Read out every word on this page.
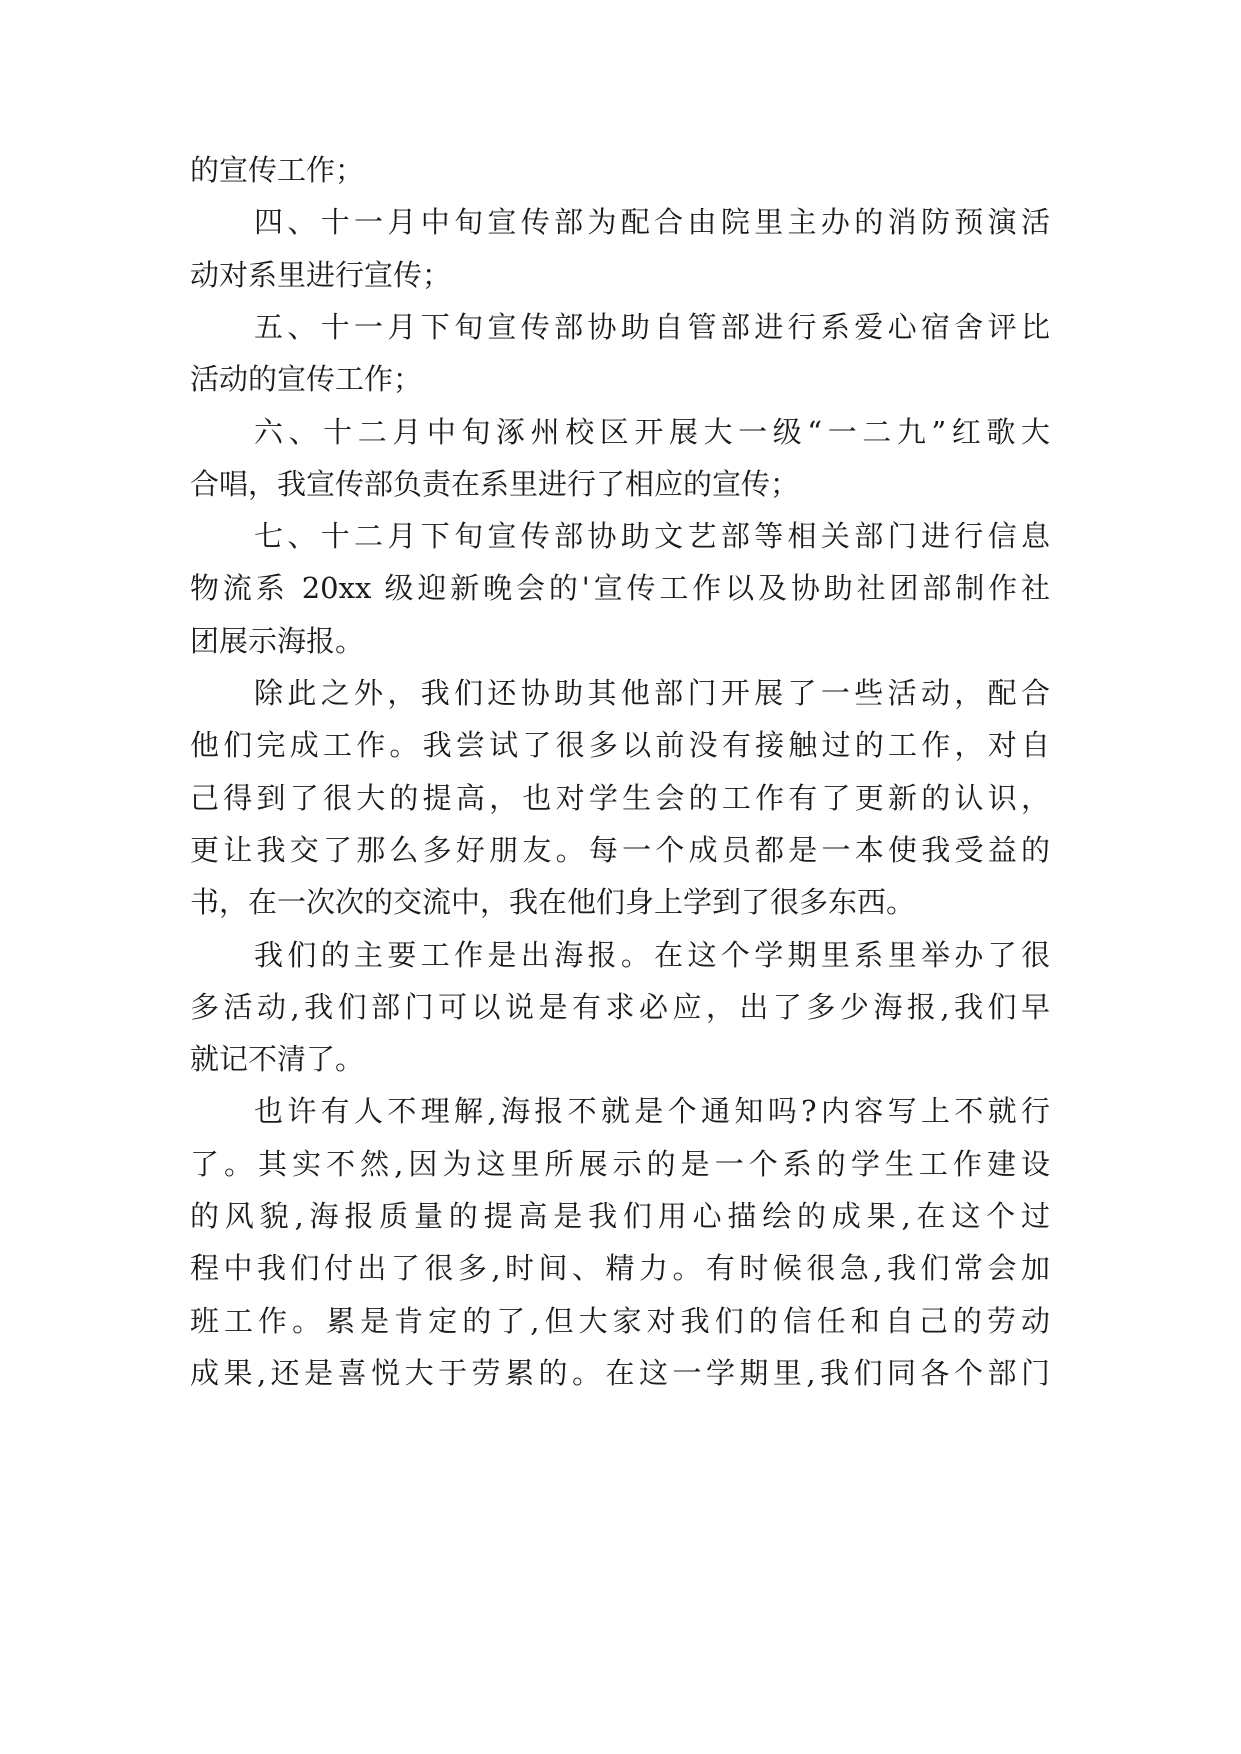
的宣传工作；
四、十一月中旬宣传部为配合由院里主办的消防预演活
动对系里进行宣传；
五、十一月下旬宣传部协助自管部进行系爱心宿舍评比
活动的宣传工作；
六、十二月中旬涿州校区开展大一级“一二九”红歌大
合唱，我宣传部负责在系里进行了相应的宣传；
七、十二月下旬宣传部协助文艺部等相关部门进行信息
物流系 20xx 级迎新晚会的'宣传工作以及协助社团部制作社
团展示海报。
除此之外，我们还协助其他部门开展了一些活动，配合
他们完成工作。我尝试了很多以前没有接触过的工作，对自
己得到了很大的提高，也对学生会的工作有了更新的认识，
更让我交了那么多好朋友。每一个成员都是一本使我受益的
书，在一次次的交流中，我在他们身上学到了很多东西。
我们的主要工作是出海报。在这个学期里系里举办了很
多活动,我们部门可以说是有求必应，出了多少海报,我们早
就记不清了。
也许有人不理解,海报不就是个通知吗?内容写上不就行
了。其实不然,因为这里所展示的是一个系的学生工作建设
的风貌,海报质量的提高是我们用心描绘的成果,在这个过
程中我们付出了很多,时间、精力。有时候很急,我们常会加
班工作。累是肯定的了,但大家对我们的信任和自己的劳动
成果,还是喜悦大于劳累的。在这一学期里,我们同各个部门
